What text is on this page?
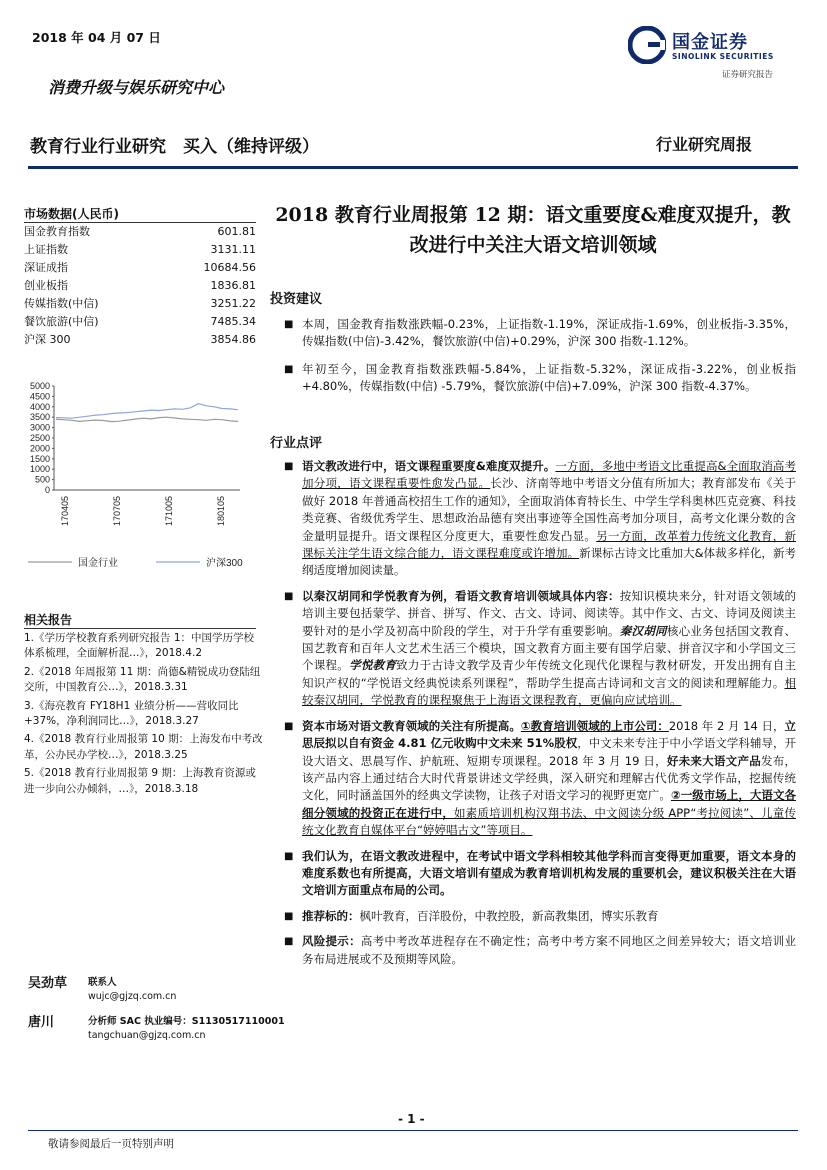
2018 年 04 月 07 日	国金证券
SINOLINK SECURITIES
证券研究报告
消费升级与娱乐研究中心
教育行业行业研究　买入（维持评级）	行业研究周报
2018 教育行业周报第 12 期：语文重要度&难度双提升，教改进行中关注大语文培训领域
市场数据(人民币)
国金教育指数	601.81
上证指数	3131.11
深证成指	10684.56
创业板指	1836.81
传媒指数(中信)	3251.22
餐饮旅游(中信)	7485.34
沪深 300	3854.86
5000
4500
4000
3500
3000
2500
2000
1500
1000
500
0
170405	170705	171005	180105
国金行业	沪深300
相关报告
1.《学历学校教育系列研究报告 1：中国学历学校体系梳理，全面解析混…》，2018.4.2
2.《2018 年周报第 11 期：尚德&精锐成功登陆纽交所，中国教育公…》，2018.3.31
3.《海亮教育 FY18H1 业绩分析——营收同比+37%，净利润同比…》，2018.3.27
4.《2018 教育行业周报第 10 期：上海发布中考改革，公办民办学校…》，2018.3.25
5.《2018 教育行业周报第 9 期：上海教育资源或进一步向公办倾斜，…》，2018.3.18
吴劲草 联系人
wujc@gjzq.com.cn
唐川	分析师 SAC 执业编号：S1130517110001
tangchuan@gjzq.com.cn
投资建议
■ 本周，国金教育指数涨跌幅-0.23%，上证指数-1.19%，深证成指-1.69%，创业板指-3.35%，传媒指数(中信)-3.42%，餐饮旅游(中信)+0.29%，沪深 300 指数-1.12%。
■ 年初至今，国金教育指数涨跌幅-5.84%，上证指数-5.32%，深证成指-3.22%，创业板指+4.80%，传媒指数(中信) -5.79%，餐饮旅游(中信)+7.09%，沪深 300 指数-4.37%。
行业点评
■ 语文教改进行中，语文课程重要度&难度双提升。一方面，多地中考语文比重提高&全面取消高考加分项，语文课程重要性愈发凸显。长沙、济南等地中考语文分值有所加大；教育部发布《关于做好 2018 年普通高校招生工作的通知》，全面取消体育特长生、中学生学科奥林匹克竞赛、科技类竞赛、省级优秀学生、思想政治品德有突出事迹等全国性高考加分项目，高考文化课分数的含金量明显提升。语文课程区分度更大，重要性愈发凸显。另一方面，改革着力传统文化教育，新课标关注学生语文综合能力，语文课程难度或许增加。新课标古诗文比重加大&体裁多样化，新考纲适度增加阅读量。
■ 以秦汉胡同和学悦教育为例，看语文教育培训领域具体内容：按知识模块来分，针对语文领域的培训主要包括蒙学、拼音、拼写、作文、古文、诗词、阅读等。其中作文、古文、诗词及阅读主要针对的是小学及初高中阶段的学生，对于升学有重要影响。秦汉胡同核心业务包括国文教育、国艺教育和百年人文艺术生活三个模块，国文教育方面主要有国学启蒙、拼音汉字和小学国文三个课程。学悦教育致力于古诗文教学及青少年传统文化现代化课程与教材研发，开发出拥有自主知识产权的“学悦语文经典悦读系列课程”，帮助学生提高古诗词和文言文的阅读和理解能力。相较秦汉胡同，学悦教育的课程聚焦于上海语文课程教育，更偏向应试培训。
■ 资本市场对语文教育领域的关注有所提高。①教育培训领域的上市公司：2018 年 2 月 14 日，立思辰拟以自有资金 4.81 亿元收购中文未来 51%股权，中文未来专注于中小学语文学科辅导，开设大语文、思晨写作、护航班、短期专项课程。2018 年 3 月 19 日，好未来大语文产品发布，该产品内容上通过结合大时代背景讲述文学经典，深入研究和理解古代优秀文学作品，挖掘传统文化，同时涵盖国外的经典文学读物，让孩子对语文学习的视野更宽广。②一级市场上，大语文各细分领域的投资正在进行中，如素质培训机构汉翔书法、中文阅读分级 APP“考拉阅读”、儿童传统文化教育自媒体平台“婷婷唱古文”等项目。
■ 我们认为，在语文教改进程中，在考试中语文学科相较其他学科而言变得更加重要，语文本身的难度系数也有所提高，大语文培训有望成为教育培训机构发展的重要机会，建议积极关注在大语文培训方面重点布局的公司。
■ 推荐标的：枫叶教育，百洋股份，中教控股，新高教集团，博实乐教育
■ 风险提示：高考中考改革进程存在不确定性；高考中考方案不同地区之间差异较大；语文培训业务布局进展或不及预期等风险。
- 1 -
敬请参阅最后一页特别声明
